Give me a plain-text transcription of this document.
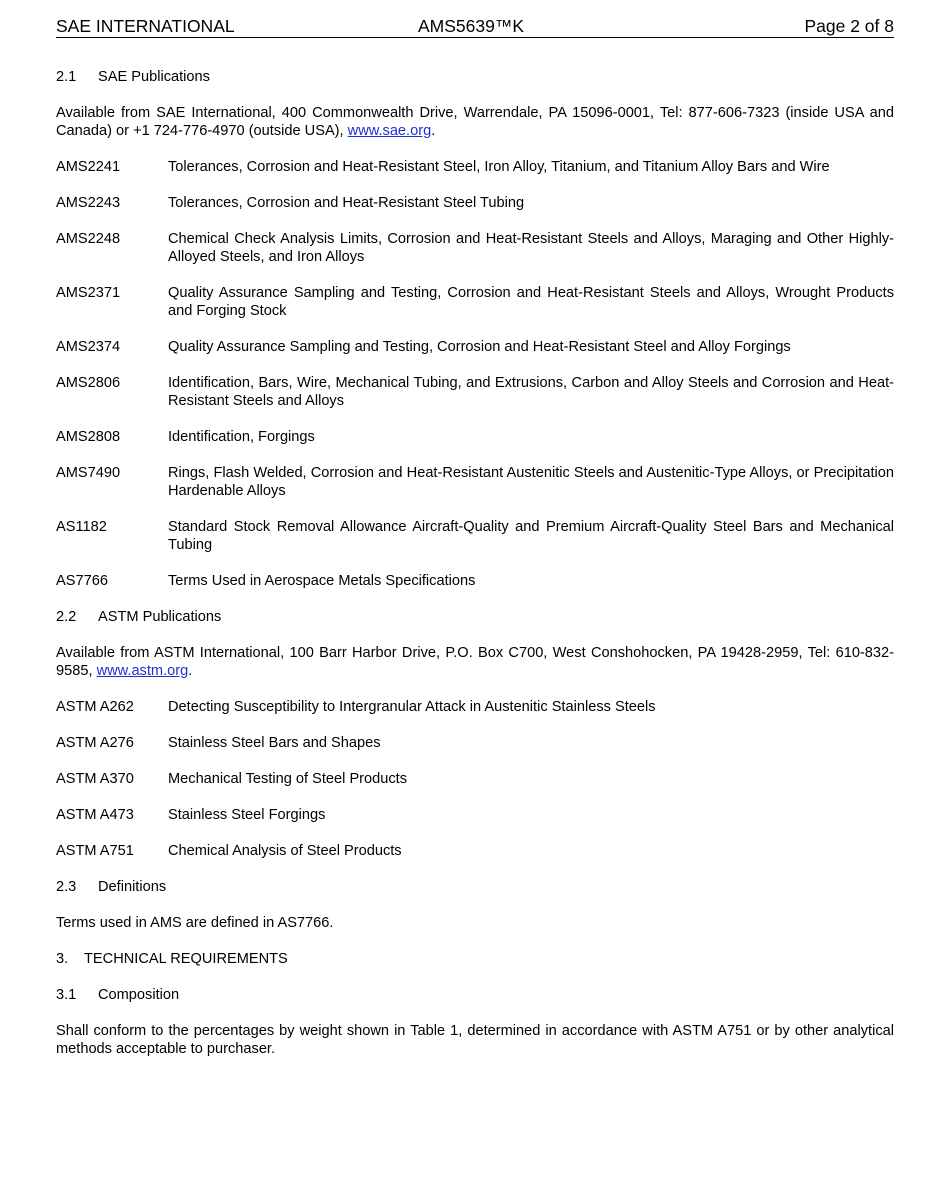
SAE INTERNATIONAL	AMS5639™K	Page 2 of 8
2.1	SAE Publications

Available from SAE International, 400 Commonwealth Drive, Warrendale, PA 15096-0001, Tel: 877-606-7323 (inside USA and Canada) or +1 724-776-4970 (outside USA), www.sae.org.

AMS2241	Tolerances, Corrosion and Heat-Resistant Steel, Iron Alloy, Titanium, and Titanium Alloy Bars and Wire
AMS2243	Tolerances, Corrosion and Heat-Resistant Steel Tubing
AMS2248	Chemical Check Analysis Limits, Corrosion and Heat-Resistant Steels and Alloys, Maraging and Other Highly-Alloyed Steels, and Iron Alloys
AMS2371	Quality Assurance Sampling and Testing, Corrosion and Heat-Resistant Steels and Alloys, Wrought Products and Forging Stock
AMS2374	Quality Assurance Sampling and Testing, Corrosion and Heat-Resistant Steel and Alloy Forgings
AMS2806	Identification, Bars, Wire, Mechanical Tubing, and Extrusions, Carbon and Alloy Steels and Corrosion and Heat-Resistant Steels and Alloys
AMS2808	Identification, Forgings
AMS7490	Rings, Flash Welded, Corrosion and Heat-Resistant Austenitic Steels and Austenitic-Type Alloys, or Precipitation Hardenable Alloys
AS1182	Standard Stock Removal Allowance Aircraft-Quality and Premium Aircraft-Quality Steel Bars and Mechanical Tubing
AS7766	Terms Used in Aerospace Metals Specifications
2.2	ASTM Publications

Available from ASTM International, 100 Barr Harbor Drive, P.O. Box C700, West Conshohocken, PA 19428-2959, Tel: 610-832-9585, www.astm.org.

ASTM A262	Detecting Susceptibility to Intergranular Attack in Austenitic Stainless Steels
ASTM A276	Stainless Steel Bars and Shapes
ASTM A370	Mechanical Testing of Steel Products
ASTM A473	Stainless Steel Forgings
ASTM A751	Chemical Analysis of Steel Products
2.3	Definitions

Terms used in AMS are defined in AS7766.

3.	TECHNICAL REQUIREMENTS
3.1	Composition

Shall conform to the percentages by weight shown in Table 1, determined in accordance with ASTM A751 or by other analytical methods acceptable to purchaser.
